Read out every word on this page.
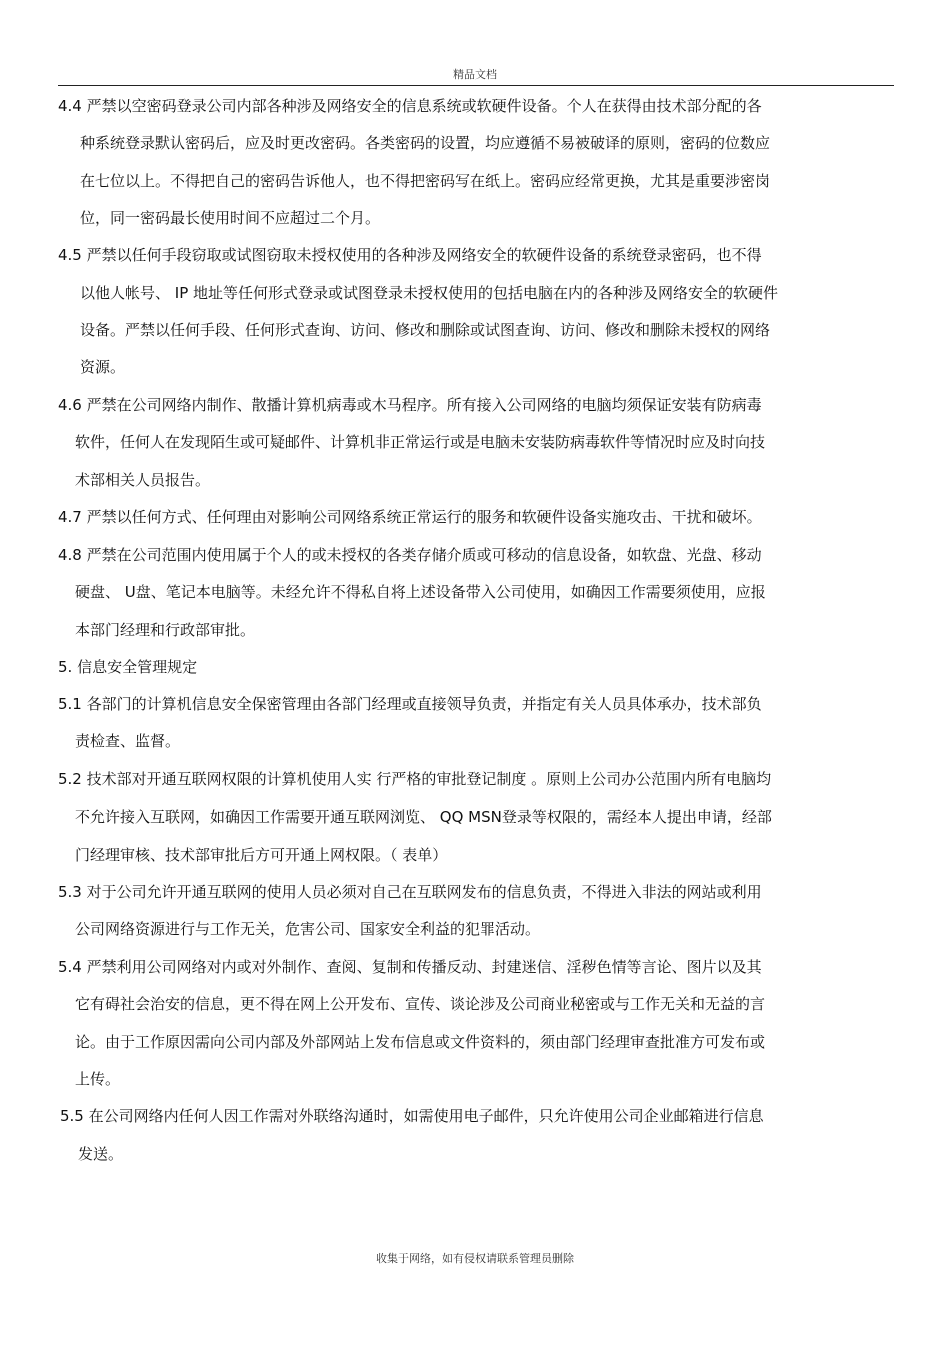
精品文档
4.4 严禁以空密码登录公司内部各种涉及网络安全的信息系统或软硬件设备。个人在获得由技术部分配的各
种系统登录默认密码后，应及时更改密码。各类密码的设置，均应遵循不易被破译的原则，密码的位数应
在七位以上。不得把自己的密码告诉他人，也不得把密码写在纸上。密码应经常更换，尤其是重要涉密岗
位，同一密码最长使用时间不应超过二个月。
4.5 严禁以任何手段窃取或试图窃取未授权使用的各种涉及网络安全的软硬件设备的系统登录密码，也不得
以他人帐号、 IP 地址等任何形式登录或试图登录未授权使用的包括电脑在内的各种涉及网络安全的软硬件
设备。严禁以任何手段、任何形式查询、访问、修改和删除或试图查询、访问、修改和删除未授权的网络
资源。
4.6 严禁在公司网络内制作、散播计算机病毒或木马程序。所有接入公司网络的电脑均须保证安装有防病毒
软件，任何人在发现陌生或可疑邮件、计算机非正常运行或是电脑未安装防病毒软件等情况时应及时向技
术部相关人员报告。
4.7 严禁以任何方式、任何理由对影响公司网络系统正常运行的服务和软硬件设备实施攻击、干扰和破坏。
4.8 严禁在公司范围内使用属于个人的或未授权的各类存储介质或可移动的信息设备，如软盘、光盘、移动
硬盘、 U盘、笔记本电脑等。未经允许不得私自将上述设备带入公司使用，如确因工作需要须使用，应报
本部门经理和行政部审批。
5. 信息安全管理规定
5.1 各部门的计算机信息安全保密管理由各部门经理或直接领导负责，并指定有关人员具体承办，技术部负
责检查、监督。
5.2 技术部对开通互联网权限的计算机使用人实 行严格的审批登记制度 。原则上公司办公范围内所有电脑均
不允许接入互联网，如确因工作需要开通互联网浏览、 QQ MSN登录等权限的，需经本人提出申请，经部
门经理审核、技术部审批后方可开通上网权限。（ 表单）
5.3 对于公司允许开通互联网的使用人员必须对自己在互联网发布的信息负责，不得进入非法的网站或利用
公司网络资源进行与工作无关，危害公司、国家安全利益的犯罪活动。
5.4 严禁利用公司网络对内或对外制作、查阅、复制和传播反动、封建迷信、淫秽色情等言论、图片以及其
它有碍社会治安的信息，更不得在网上公开发布、宣传、谈论涉及公司商业秘密或与工作无关和无益的言
论。由于工作原因需向公司内部及外部网站上发布信息或文件资料的，须由部门经理审查批准方可发布或
上传。
5.5 在公司网络内任何人因工作需对外联络沟通时，如需使用电子邮件，只允许使用公司企业邮箱进行信息
发送。
收集于网络，如有侵权请联系管理员删除
